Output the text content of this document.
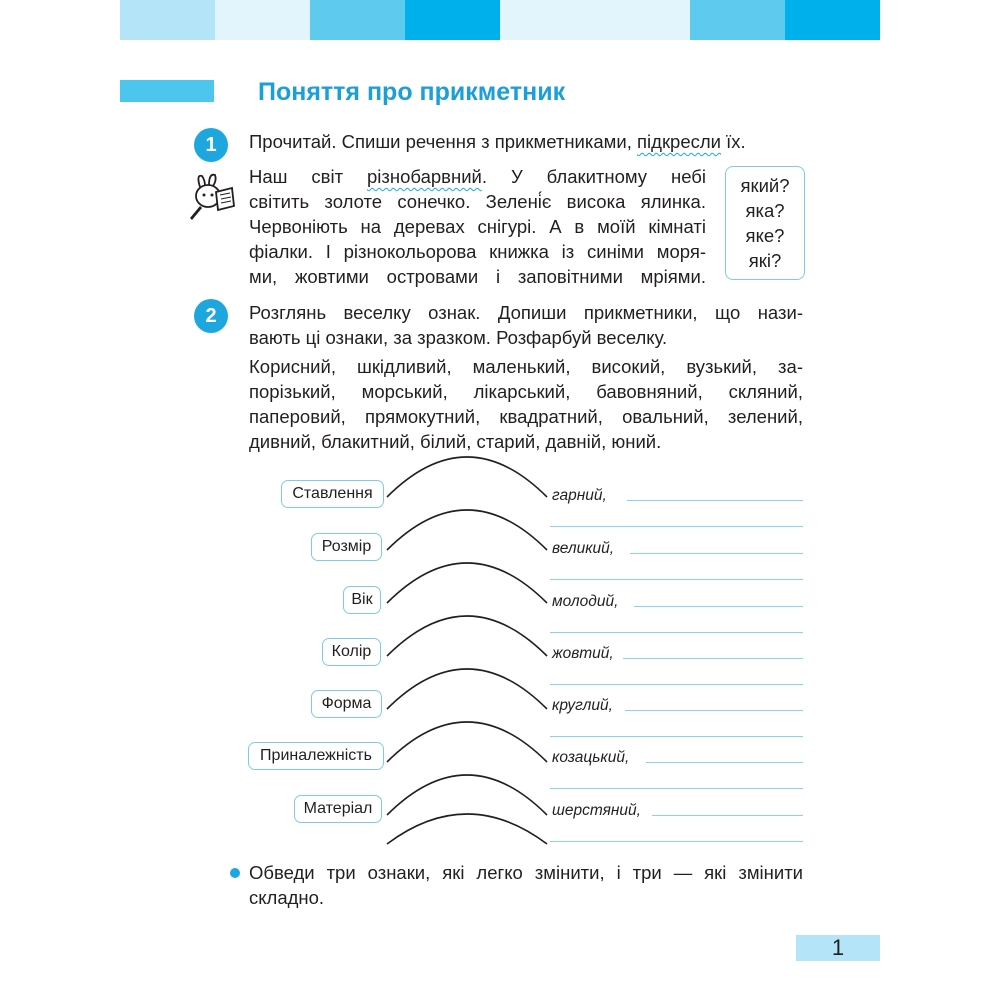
Поняття про прикметник
1	Прочитай. Спиши речення з прикметниками, підкресли їх.

Наш світ різнобарвний. У блакитному небі

світить золоте сонечко. Зелені́є висока ялинка.

Червоніють на деревах снігурі. А в моїй кімнаті

фіалки. І різнокольорова книжка із синіми моря-

ми, жовтими островами і заповітними мріями.

який?
яка?
яке?
які?
2	Розглянь веселку ознак. Допиши прикметники, що нази-

вають ці ознаки, за зразком. Розфарбуй веселку.

Корисний, шкідливий, маленький, високий, вузький, за-

порізький, морський, лікарський, бавовняний, скляний,

паперовий, прямокутний, квадратний, овальний, зелений,

дивний, блакитний, білий, старий, давній, юний.

Ставлення
Розмір
Вік
Колір
Форма
Приналежність
Матеріал
гарний,
великий,
молодий,
жовтий,
круглий,
козацький,
шерстяний,

Обведи три ознаки, які легко змінити, і три — які змінити

складно.

1
